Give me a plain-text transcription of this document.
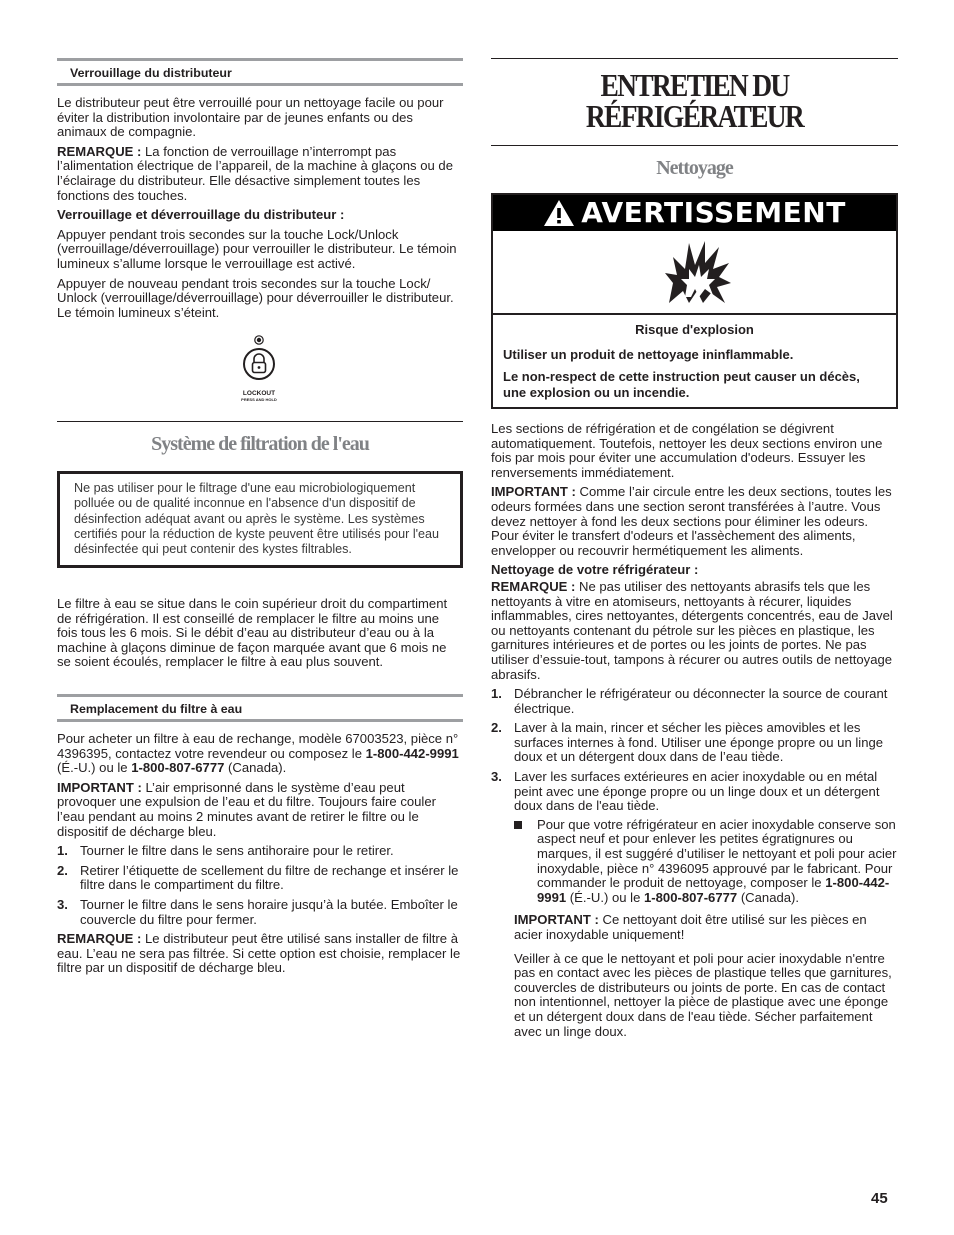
Verrouillage du distributeur

Le distributeur peut être verrouillé pour un nettoyage facile ou pour éviter la distribution involontaire par de jeunes enfants ou des animaux de compagnie.

REMARQUE : La fonction de verrouillage n’interrompt pas l’alimentation électrique de l’appareil, de la machine à glaçons ou de l’éclairage du distributeur. Elle désactive simplement toutes les fonctions des touches.

Verrouillage et déverrouillage du distributeur :

Appuyer pendant trois secondes sur la touche Lock/Unlock (verrouillage/déverrouillage) pour verrouiller le distributeur. Le témoin lumineux s’allume lorsque le verrouillage est activé.

Appuyer de nouveau pendant trois secondes sur la touche Lock/ Unlock (verrouillage/déverrouillage) pour déverrouiller le distributeur. Le témoin lumineux s’éteint.

LOCKOUT
PRESS AND HOLD
Système de filtration de l'eau
Ne pas utiliser pour le filtrage d'une eau microbiologiquement polluée ou de qualité inconnue en l'absence d'un dispositif de désinfection adéquat avant ou après le système. Les systèmes certifiés pour la réduction de kyste peuvent être utilisés pour l'eau désinfectée qui peut contenir des kystes filtrables.

Le filtre à eau se situe dans le coin supérieur droit du compartiment de réfrigération. Il est conseillé de remplacer le filtre au moins une fois tous les 6 mois. Si le débit d’eau au distributeur d’eau ou à la machine à glaçons diminue de façon marquée avant que 6 mois ne se soient écoulés, remplacer le filtre à eau plus souvent.

Remplacement du filtre à eau

Pour acheter un filtre à eau de rechange, modèle 67003523, pièce n° 4396395, contactez votre revendeur ou composez le 1-800-442-9991 (É.-U.) ou le 1-800-807-6777 (Canada).

IMPORTANT : L’air emprisonné dans le système d’eau peut provoquer une expulsion de l’eau et du filtre. Toujours faire couler l’eau pendant au moins 2 minutes avant de retirer le filtre ou le dispositif de décharge bleu.

1. Tourner le filtre dans le sens antihoraire pour le retirer.
2. Retirer l’étiquette de scellement du filtre de rechange et insérer le filtre dans le compartiment du filtre.
3. Tourner le filtre dans le sens horaire jusqu’à la butée. Emboîter le couvercle du filtre pour fermer.

REMARQUE : Le distributeur peut être utilisé sans installer de filtre à eau. L’eau ne sera pas filtrée. Si cette option est choisie, remplacer le filtre par un dispositif de décharge bleu.

ENTRETIEN DU
RÉFRIGÉRATEUR
Nettoyage
AVERTISSEMENT
Risque d'explosion
Utiliser un produit de nettoyage ininflammable.
Le non-respect de cette instruction peut causer un décès, une explosion ou un incendie.

Les sections de réfrigération et de congélation se dégivrent automatiquement. Toutefois, nettoyer les deux sections environ une fois par mois pour éviter une accumulation d'odeurs. Essuyer les renversements immédiatement.

IMPORTANT : Comme l’air circule entre les deux sections, toutes les odeurs formées dans une section seront transférées à l’autre. Vous devez nettoyer à fond les deux sections pour éliminer les odeurs. Pour éviter le transfert d'odeurs et l'assèchement des aliments, envelopper ou recouvrir hermétiquement les aliments.

Nettoyage de votre réfrigérateur :

REMARQUE : Ne pas utiliser des nettoyants abrasifs tels que les nettoyants à vitre en atomiseurs, nettoyants à récurer, liquides inflammables, cires nettoyantes, détergents concentrés, eau de Javel ou nettoyants contenant du pétrole sur les pièces en plastique, les garnitures intérieures et de portes ou les joints de portes. Ne pas utiliser d’essuie-tout, tampons à récurer ou autres outils de nettoyage abrasifs.

1. Débrancher le réfrigérateur ou déconnecter la source de courant électrique.
2. Laver à la main, rincer et sécher les pièces amovibles et les surfaces internes à fond. Utiliser une éponge propre ou un linge doux et un détergent doux dans de l’eau tiède.
3. Laver les surfaces extérieures en acier inoxydable ou en métal peint avec une éponge propre ou un linge doux et un détergent doux dans de l'eau tiède.
Pour que votre réfrigérateur en acier inoxydable conserve son aspect neuf et pour enlever les petites égratignures ou marques, il est suggéré d’utiliser le nettoyant et poli pour acier inoxydable, pièce n° 4396095 approuvé par le fabricant. Pour commander le produit de nettoyage, composer le 1-800-442-9991 (É.-U.) ou le 1-800-807-6777 (Canada).

IMPORTANT : Ce nettoyant doit être utilisé sur les pièces en acier inoxydable uniquement!

Veiller à ce que le nettoyant et poli pour acier inoxydable n'entre pas en contact avec les pièces de plastique telles que garnitures, couvercles de distributeurs ou joints de porte. En cas de contact non intentionnel, nettoyer la pièce de plastique avec une éponge et un détergent doux dans de l'eau tiède. Sécher parfaitement avec un linge doux.

45
